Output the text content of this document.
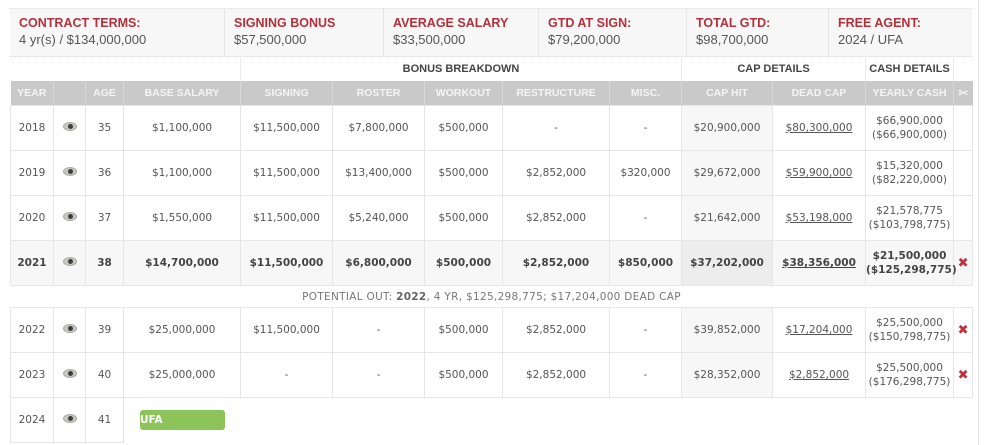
CONTRACT TERMS:
4 yr(s) / $134,000,000
SIGNING BONUS
$57,500,000
AVERAGE SALARY
$33,500,000
GTD AT SIGN:
$79,200,000
TOTAL GTD:
$98,700,000
FREE AGENT:
2024 / UFA
				BONUS BREAKDOWN					CAP DETAILS		CASH DETAILS	
YEAR		AGE	BASE SALARY	SIGNING	ROSTER	WORKOUT	RESTRUCTURE	MISC.	CAP HIT	DEAD CAP	YEARLY CASH	✂
2018		35	$1,100,000	$11,500,000	$7,800,000	$500,000	-	-	$20,900,000	$80,300,000	$66,900,000
($66,900,000)	
2019		36	$1,100,000	$11,500,000	$13,400,000	$500,000	$2,852,000	$320,000	$29,672,000	$59,900,000	$15,320,000
($82,220,000)	
2020		37	$1,550,000	$11,500,000	$5,240,000	$500,000	$2,852,000	-	$21,642,000	$53,198,000	$21,578,775
($103,798,775)	
2021		38	$14,700,000	$11,500,000	$6,800,000	$500,000	$2,852,000	$850,000	$37,202,000	$38,356,000	$21,500,000
($125,298,775)	✖
POTENTIAL OUT: 2022, 4 YR, $125,298,775; $17,204,000 DEAD CAP												
2022		39	$25,000,000	$11,500,000	-	$500,000	$2,852,000	-	$39,852,000	$17,204,000	$25,500,000
($150,798,775)	✖
2023		40	$25,000,000	-	-	$500,000	$2,852,000	-	$28,352,000	$2,852,000	$25,500,000
($176,298,775)	✖
2024		41	UFA									
